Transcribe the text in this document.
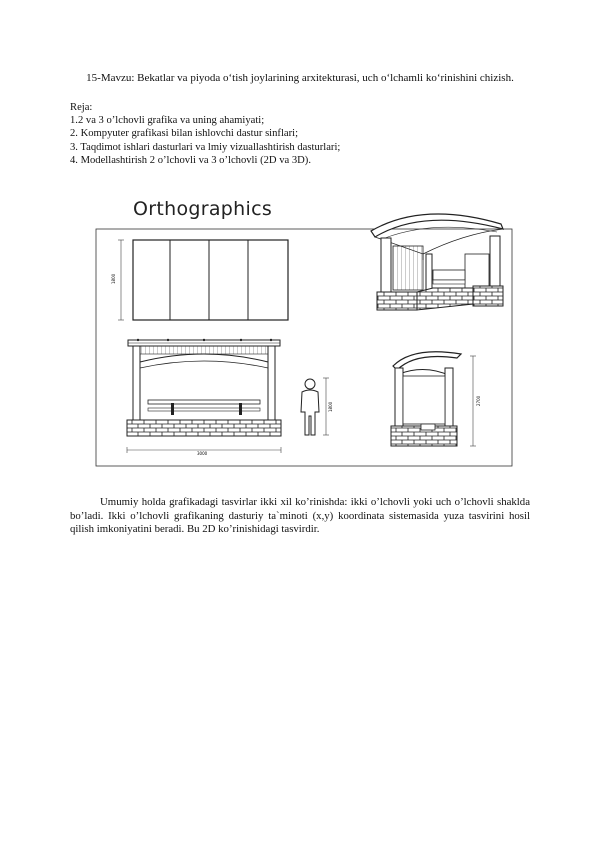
15-Mavzu: Bekatlar va piyoda o‘tish joylarining arxitekturasi, uch o‘lchamli ko‘rinishini chizish.
Reja:
1.2 va 3 o’lchovli grafika va uning ahamiyati;
2. Kompyuter grafikasi bilan ishlovchi dastur sinflari;
3. Taqdimot ishlari dasturlari va lmiy vizuallashtirish dasturlari;
4. Modellashtirish 2 o’lchovli va 3 o’lchovli (2D va 3D).
Orthographics
1800
3000
1800
2700
Umumiy holda grafikadagi tasvirlar ikki xil ko’rinishda: ikki o’lchovli yoki uch o’lchovli shaklda bo’ladi. Ikki o’lchovli grafikaning dasturiy ta`minoti (x,y) koordinata sistemasida yuza tasvirini hosil qilish imkoniyatini beradi. Bu 2D ko’rinishidagi tasvirdir.
